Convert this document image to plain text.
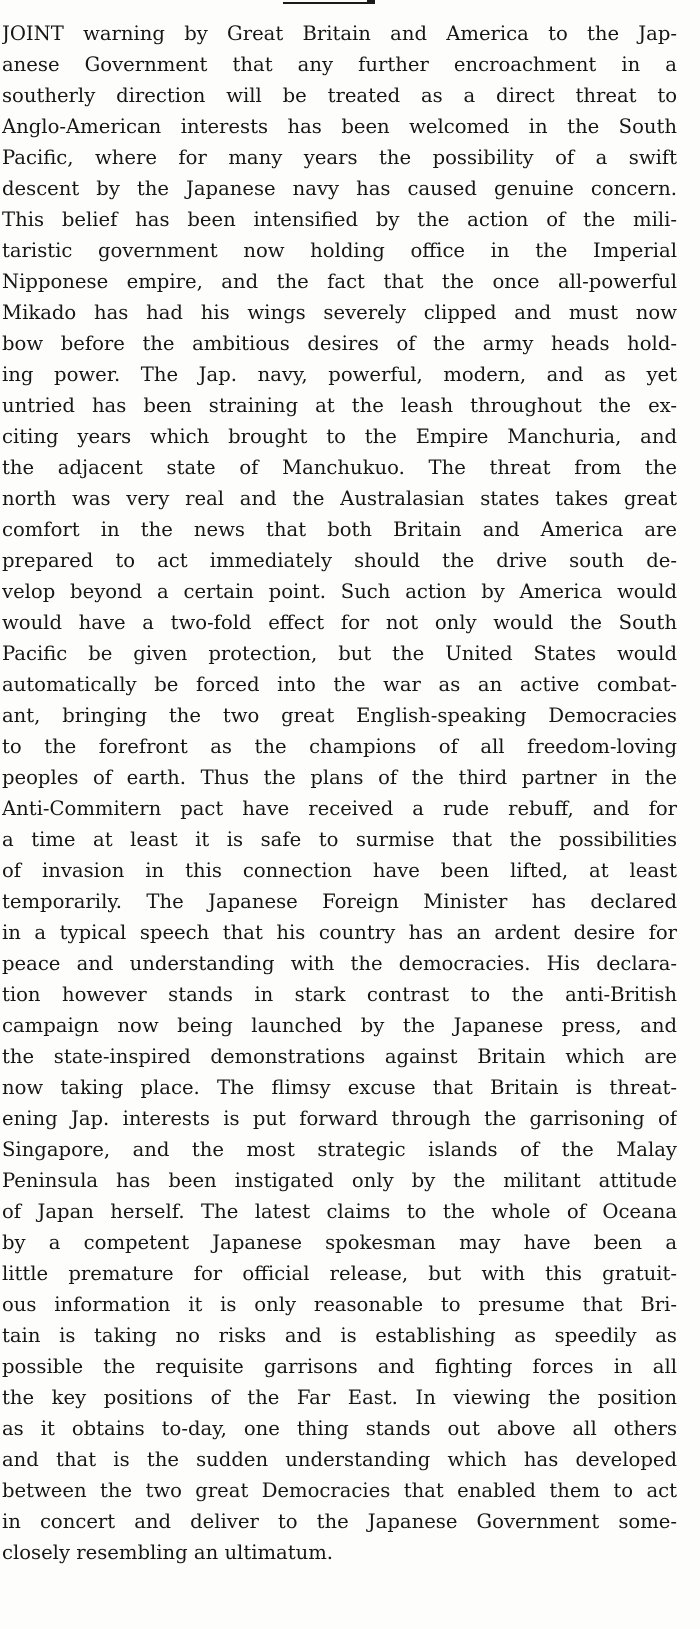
JOINT warning by Great Britain and America to the Jap-
anese Government that any further encroachment in a
southerly direction will be treated as a direct threat to
Anglo-American interests has been welcomed in the South
Pacific, where for many years the possibility of a swift
descent by the Japanese navy has caused genuine concern.
This belief has been intensified by the action of the mili-
taristic government now holding office in the Imperial
Nipponese empire, and the fact that the once all-powerful
Mikado has had his wings severely clipped and must now
bow before the ambitious desires of the army heads hold-
ing power. The Jap. navy, powerful, modern, and as yet
untried has been straining at the leash throughout the ex-
citing years which brought to the Empire Manchuria, and
the adjacent state of Manchukuo. The threat from the
north was very real and the Australasian states takes great
comfort in the news that both Britain and America are
prepared to act immediately should the drive south de-
velop beyond a certain point. Such action by America would
would have a two-fold effect for not only would the South
Pacific be given protection, but the United States would
automatically be forced into the war as an active combat-
ant, bringing the two great English-speaking Democracies
to the forefront as the champions of all freedom-loving
peoples of earth. Thus the plans of the third partner in the
Anti-Commitern pact have received a rude rebuff, and for
a time at least it is safe to surmise that the possibilities
of invasion in this connection have been lifted, at least
temporarily. The Japanese Foreign Minister has declared
in a typical speech that his country has an ardent desire for
peace and understanding with the democracies. His declara-
tion however stands in stark contrast to the anti-British
campaign now being launched by the Japanese press, and
the state-inspired demonstrations against Britain which are
now taking place. The flimsy excuse that Britain is threat-
ening Jap. interests is put forward through the garrisoning of
Singapore, and the most strategic islands of the Malay
Peninsula has been instigated only by the militant attitude
of Japan herself. The latest claims to the whole of Oceana
by a competent Japanese spokesman may have been a
little premature for official release, but with this gratuit-
ous information it is only reasonable to presume that Bri-
tain is taking no risks and is establishing as speedily as
possible the requisite garrisons and fighting forces in all
the key positions of the Far East. In viewing the position
as it obtains to-day, one thing stands out above all others
and that is the sudden understanding which has developed
between the two great Democracies that enabled them to act
in concert and deliver to the Japanese Government some-
closely resembling an ultimatum.
